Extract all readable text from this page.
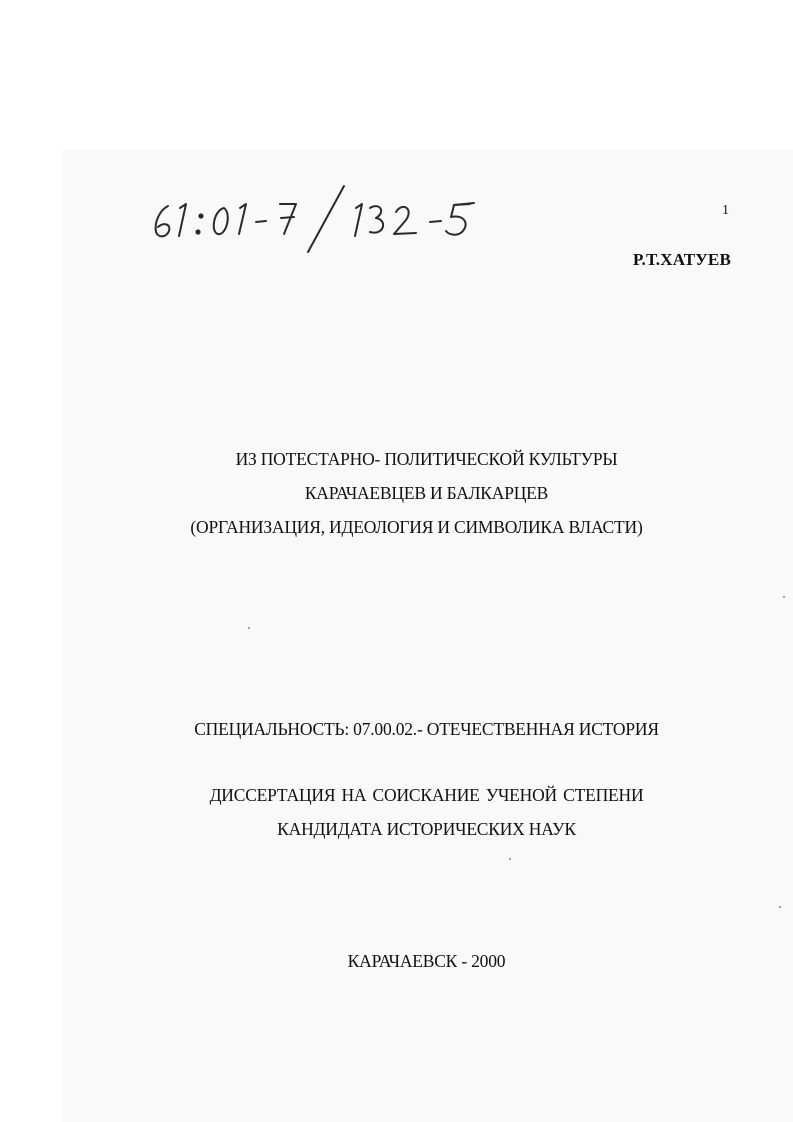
1
Р.Т.ХАТУЕВ
ИЗ ПОТЕСТАРНО- ПОЛИТИЧЕСКОЙ КУЛЬТУРЫ
КАРАЧАЕВЦЕВ И БАЛКАРЦЕВ
(ОРГАНИЗАЦИЯ, ИДЕОЛОГИЯ И СИМВОЛИКА ВЛАСТИ)
СПЕЦИАЛЬНОСТЬ: 07.00.02.- ОТЕЧЕСТВЕННАЯ ИСТОРИЯ
ДИССЕРТАЦИЯ НА СОИСКАНИЕ УЧЕНОЙ СТЕПЕНИ
КАНДИДАТА ИСТОРИЧЕСКИХ НАУК
КАРАЧАЕВСК - 2000
